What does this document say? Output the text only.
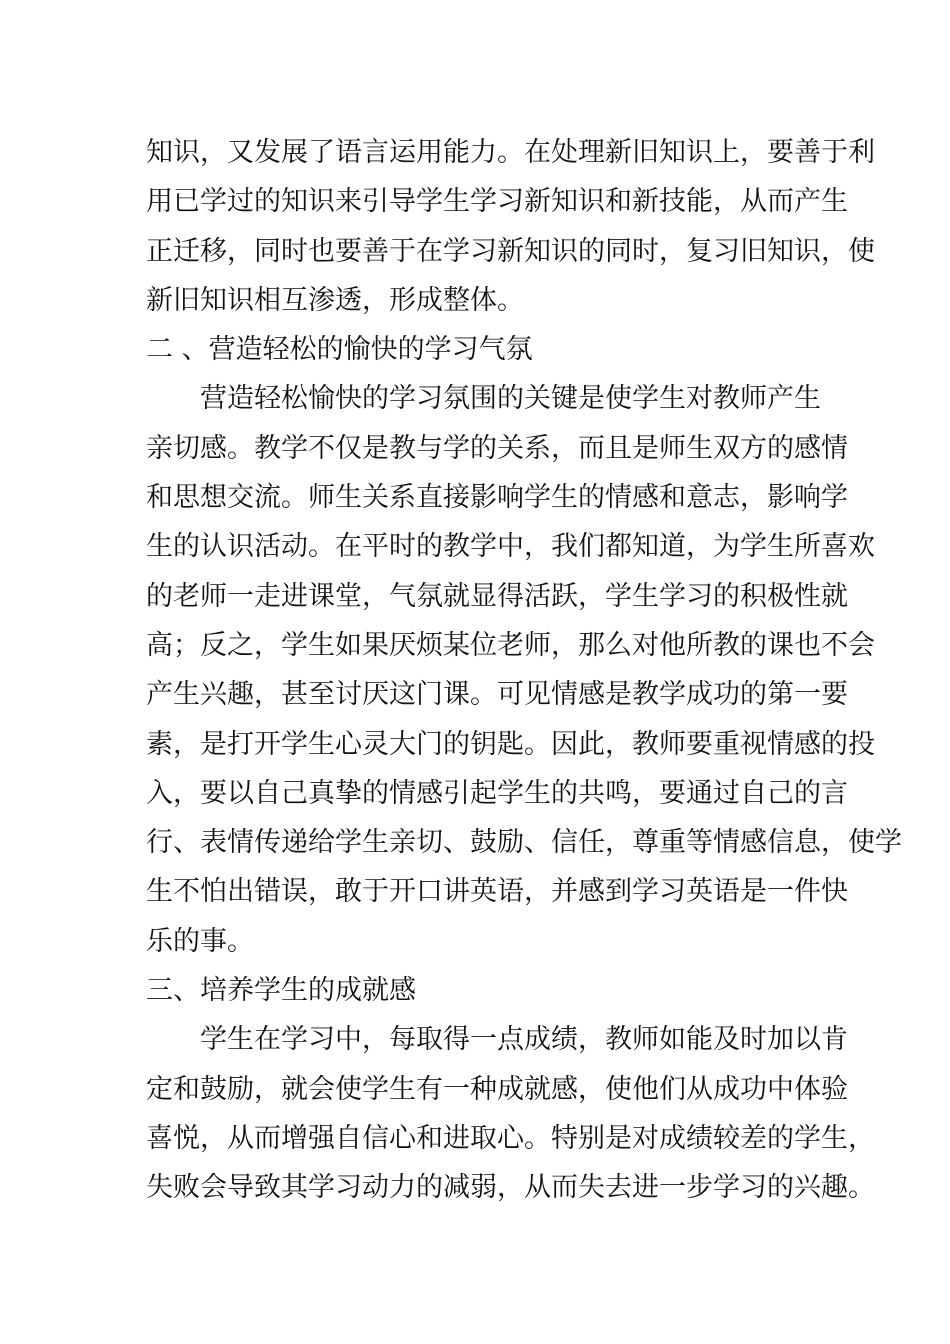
知识，又发展了语言运用能力。在处理新旧知识上，要善于利
用已学过的知识来引导学生学习新知识和新技能，从而产生
正迁移，同时也要善于在学习新知识的同时，复习旧知识，使
新旧知识相互渗透，形成整体。
二 、营造轻松的愉快的学习气氛
营造轻松愉快的学习氛围的关键是使学生对教师产生
亲切感。教学不仅是教与学的关系，而且是师生双方的感情
和思想交流。师生关系直接影响学生的情感和意志，影响学
生的认识活动。在平时的教学中，我们都知道，为学生所喜欢
的老师一走进课堂，气氛就显得活跃，学生学习的积极性就
高；反之，学生如果厌烦某位老师，那么对他所教的课也不会
产生兴趣，甚至讨厌这门课。可见情感是教学成功的第一要
素，是打开学生心灵大门的钥匙。因此，教师要重视情感的投
入，要以自己真挚的情感引起学生的共鸣，要通过自己的言
行、表情传递给学生亲切、鼓励、信任，尊重等情感信息，使学
生不怕出错误，敢于开口讲英语，并感到学习英语是一件快
乐的事。
三、培养学生的成就感
学生在学习中，每取得一点成绩，教师如能及时加以肯
定和鼓励，就会使学生有一种成就感，使他们从成功中体验
喜悦，从而增强自信心和进取心。特别是对成绩较差的学生，
失败会导致其学习动力的减弱，从而失去进一步学习的兴趣。
